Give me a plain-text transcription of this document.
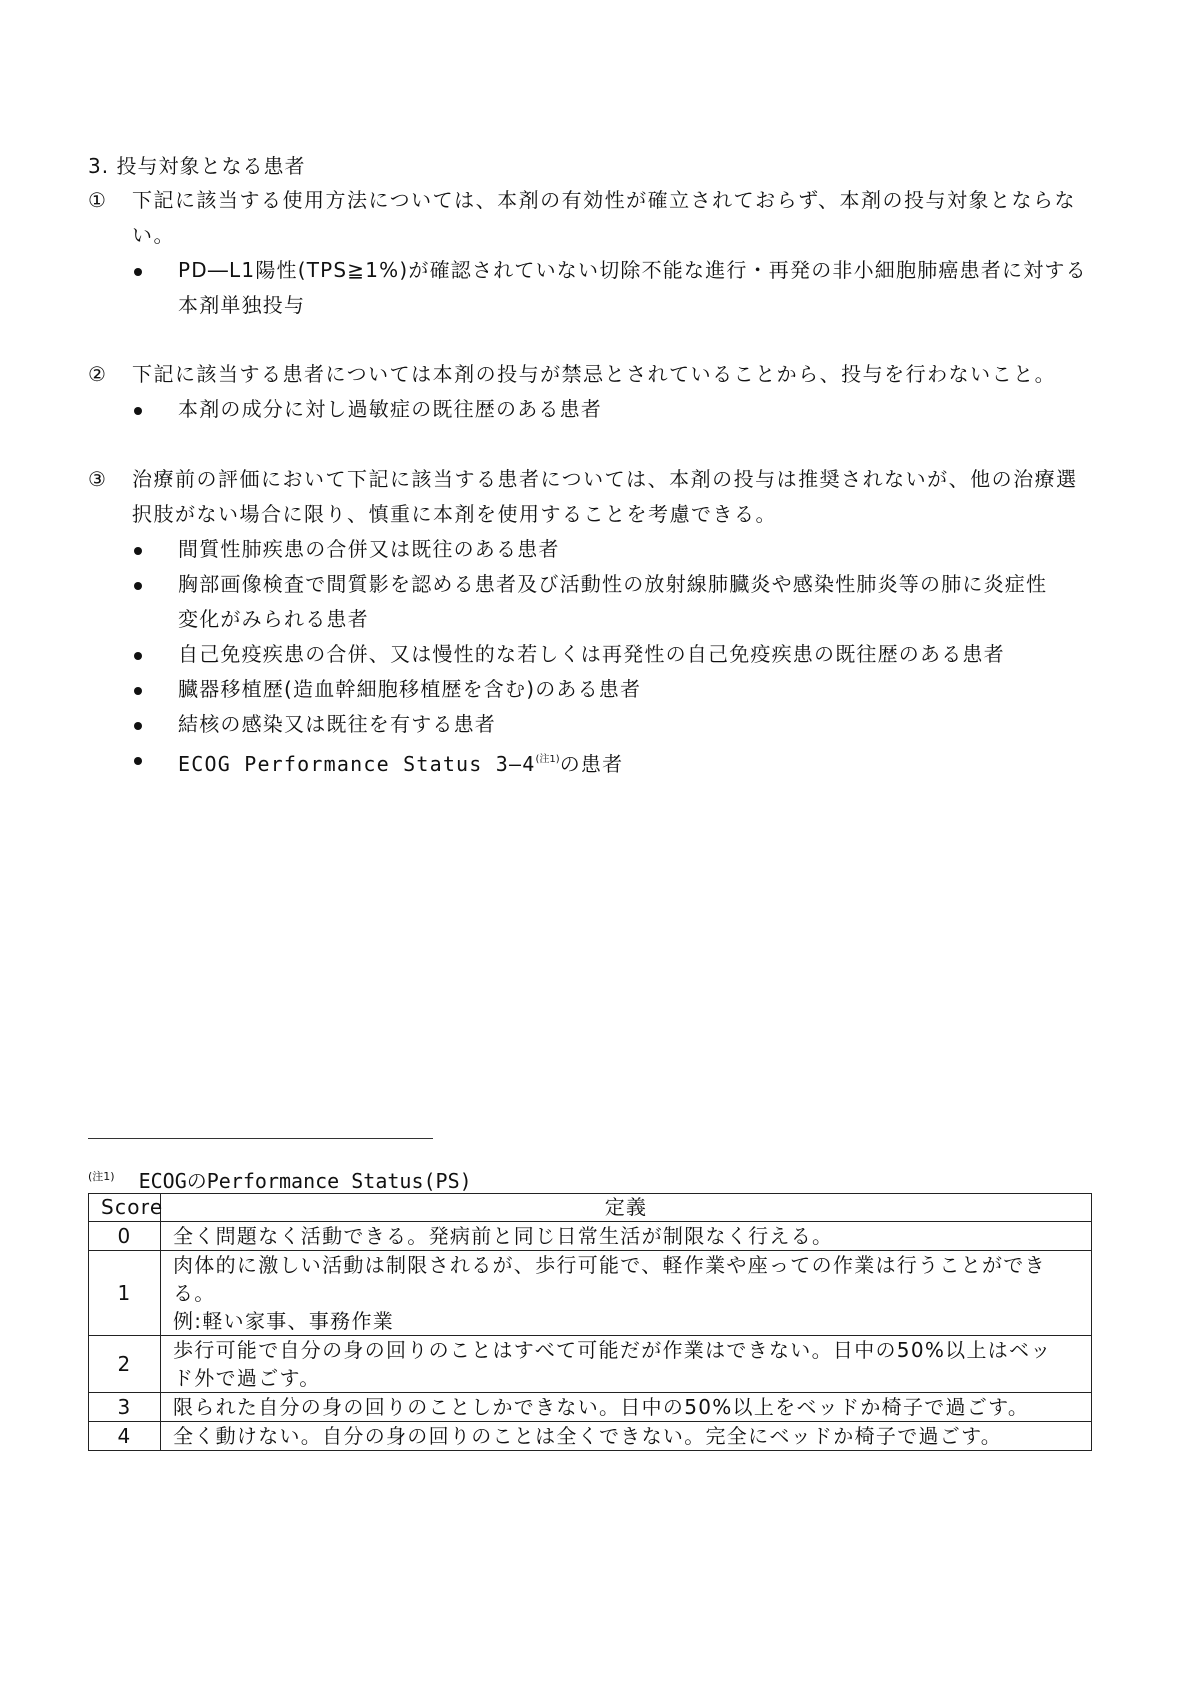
3. 投与対象となる患者
①	下記に該当する使用方法については、本剤の有効性が確立されておらず、本剤の投与対象とならな
い。
PD―L1陽性(TPS≧1%)が確認されていない切除不能な進行・再発の非小細胞肺癌患者に対する
本剤単独投与
②	下記に該当する患者については本剤の投与が禁忌とされていることから、投与を行わないこと。
本剤の成分に対し過敏症の既往歴のある患者
③	治療前の評価において下記に該当する患者については、本剤の投与は推奨されないが、他の治療選
択肢がない場合に限り、慎重に本剤を使用することを考慮できる。
間質性肺疾患の合併又は既往のある患者
胸部画像検査で間質影を認める患者及び活動性の放射線肺臓炎や感染性肺炎等の肺に炎症性
変化がみられる患者
自己免疫疾患の合併、又は慢性的な若しくは再発性の自己免疫疾患の既往歴のある患者
臓器移植歴(造血幹細胞移植歴を含む)のある患者
結核の感染又は既往を有する患者
ECOG Performance Status 3―4$^{(注1)}$の患者
$^{(注1)}$ ECOGのPerformance Status(PS)
Score	定義
0	全く問題なく活動できる。発病前と同じ日常生活が制限なく行える。

1	肉体的に激しい活動は制限されるが、歩行可能で、軽作業や座っての作業は行うことができ
る。
例:軽い家事、事務作業

2	歩行可能で自分の身の回りのことはすべて可能だが作業はできない。日中の50%以上はベッ
ド外で過ごす。

3	限られた自分の身の回りのことしかできない。日中の50%以上をベッドか椅子で過ごす。

4	全く動けない。自分の身の回りのことは全くできない。完全にベッドか椅子で過ごす。
